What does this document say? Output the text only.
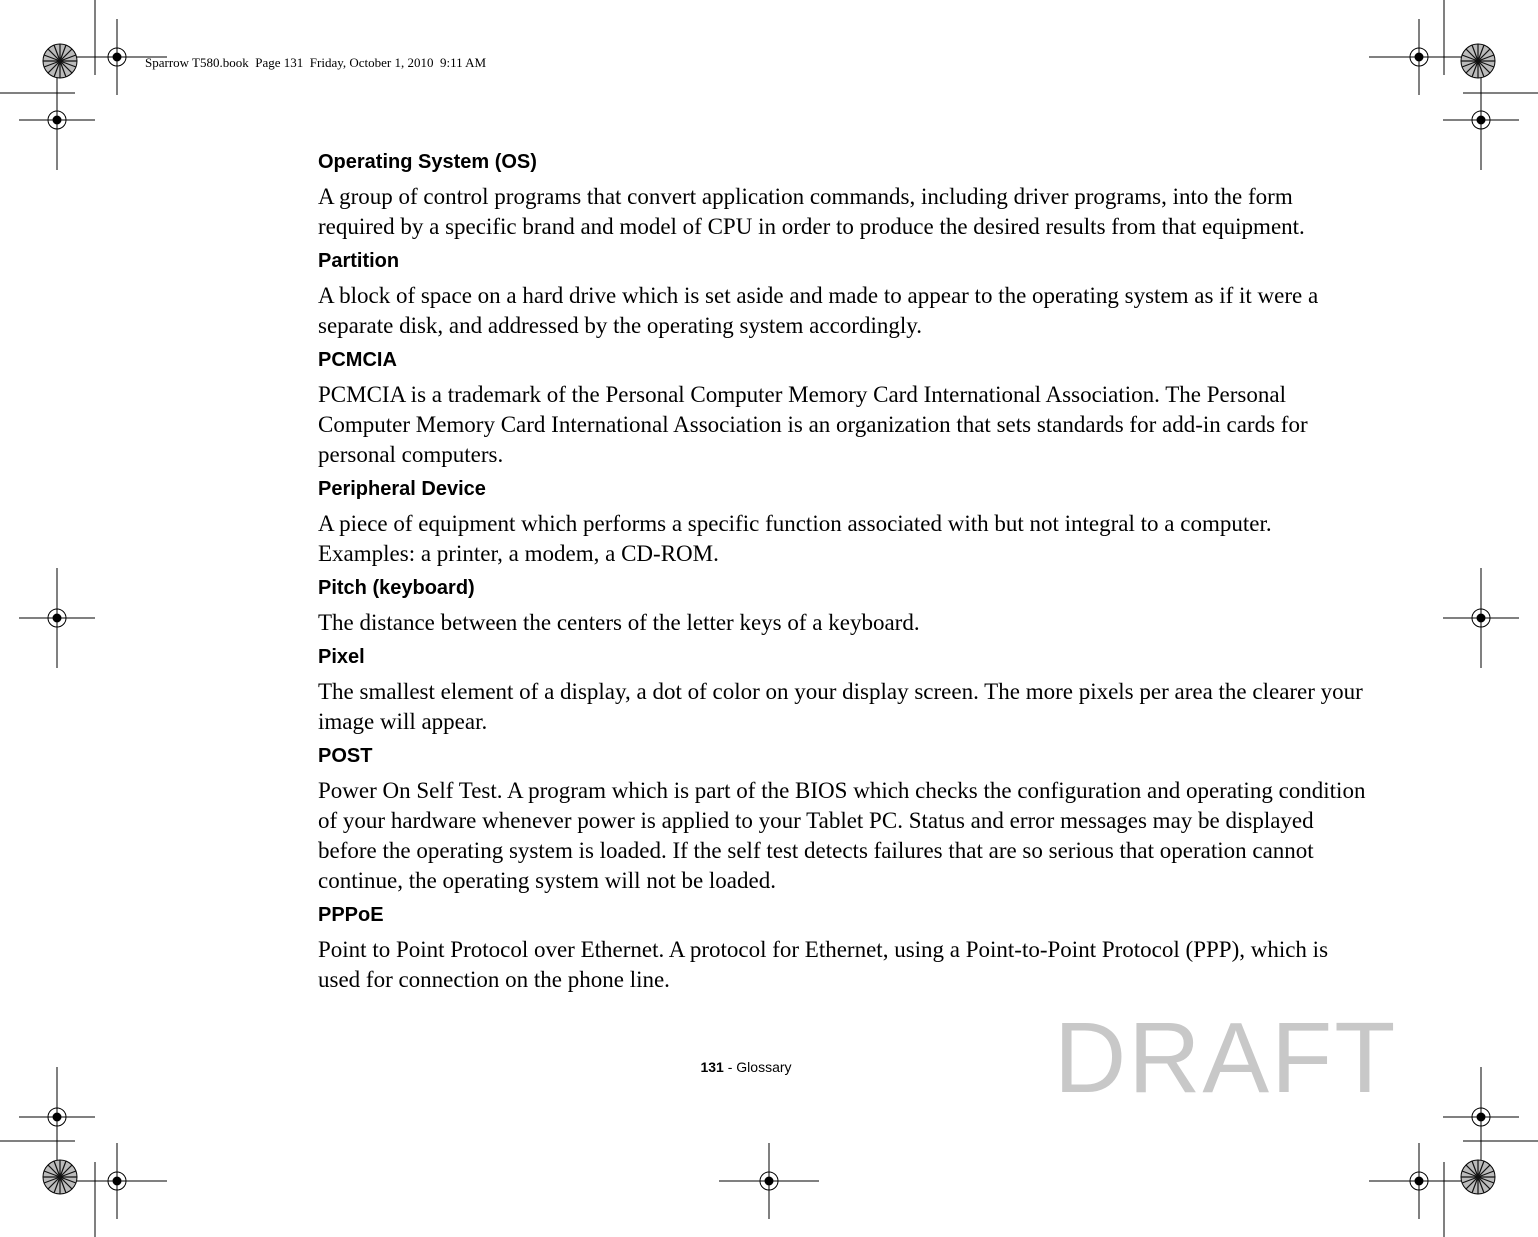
Sparrow T580.book  Page 131  Friday, October 1, 2010  9:11 AM
Operating System (OS)
A group of control programs that convert application commands, including driver programs, into the form required by a specific brand and model of CPU in order to produce the desired results from that equipment.
Partition
A block of space on a hard drive which is set aside and made to appear to the operating system as if it were a separate disk, and addressed by the operating system accordingly.
PCMCIA
PCMCIA is a trademark of the Personal Computer Memory Card International Association. The Personal Computer Memory Card International Association is an organization that sets standards for add-in cards for personal computers.
Peripheral Device
A piece of equipment which performs a specific function associated with but not integral to a computer. Examples: a printer, a modem, a CD-ROM.
Pitch (keyboard)
The distance between the centers of the letter keys of a keyboard.
Pixel
The smallest element of a display, a dot of color on your display screen. The more pixels per area the clearer your image will appear.
POST
Power On Self Test. A program which is part of the BIOS which checks the configuration and operating condition of your hardware whenever power is applied to your Tablet PC. Status and error messages may be displayed before the operating system is loaded. If the self test detects failures that are so serious that operation cannot continue, the operating system will not be loaded.
PPPoE
Point to Point Protocol over Ethernet. A protocol for Ethernet, using a Point-to-Point Protocol (PPP), which is used for connection on the phone line.
131 - Glossary	DRAFT
